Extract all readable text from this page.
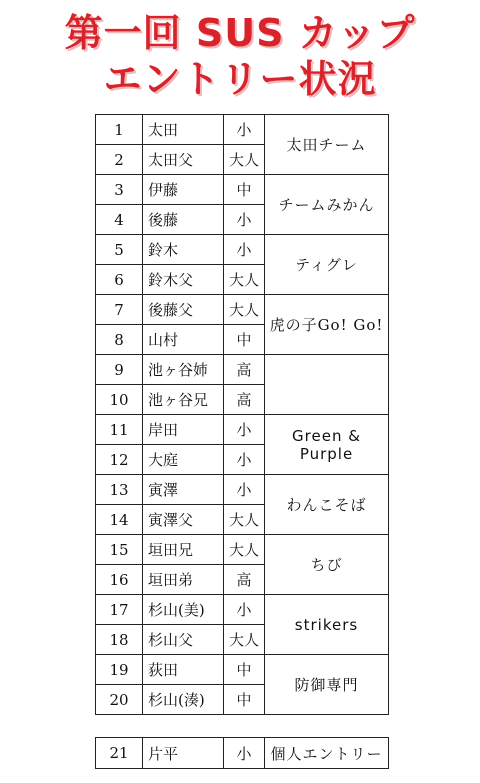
第一回 SUS カップ
エントリー状況
1	太田	小	太田チーム
2	太田父	大人	
3	伊藤	中	チームみかん
4	後藤	小	
5	鈴木	小	ティグレ
6	鈴木父	大人	
7	後藤父	大人	虎の子Go! Go!
8	山村	中	
9	池ヶ谷姉	高	
10	池ヶ谷兄	高	
11	岸田	小	Green & Purple
12	大庭	小	
13	寅澤	小	わんこそば
14	寅澤父	大人	
15	垣田兄	大人	ちび
16	垣田弟	高	
17	杉山(美)	小	strikers
18	杉山父	大人	
19	荻田	中	防御専門
20	杉山(湊)	中	
21	片平	小	個人エントリー
